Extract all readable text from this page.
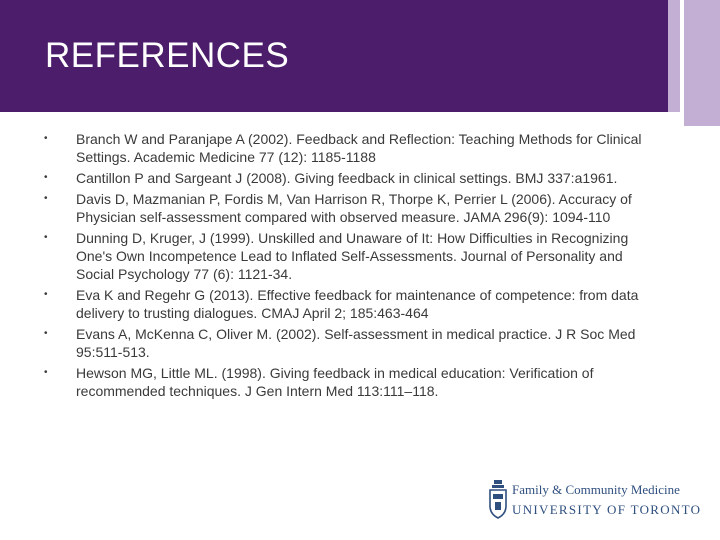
REFERENCES
• Branch W and Paranjape A (2002). Feedback and Reflection: Teaching Methods for Clinical Settings. Academic Medicine 77 (12): 1185-1188
• Cantillon P and Sargeant J (2008). Giving feedback in clinical settings. BMJ 337:a1961.
• Davis D, Mazmanian P, Fordis M, Van Harrison R, Thorpe K, Perrier L (2006). Accuracy of Physician self-assessment compared with observed measure. JAMA 296(9): 1094-110
• Dunning D, Kruger, J (1999). Unskilled and Unaware of It: How Difficulties in Recognizing One's Own Incompetence Lead to Inflated Self-Assessments. Journal of Personality and Social Psychology 77 (6): 1121-34.
• Eva K and Regehr G (2013). Effective feedback for maintenance of competence: from data delivery to trusting dialogues. CMAJ April 2; 185:463-464
• Evans A, McKenna C, Oliver M. (2002). Self-assessment in medical practice. J R Soc Med 95:511-513.
• Hewson MG, Little ML. (1998). Giving feedback in medical education: Verification of recommended techniques. J Gen Intern Med 113:111–118.
Family & Community Medicine
UNIVERSITY OF TORONTO
